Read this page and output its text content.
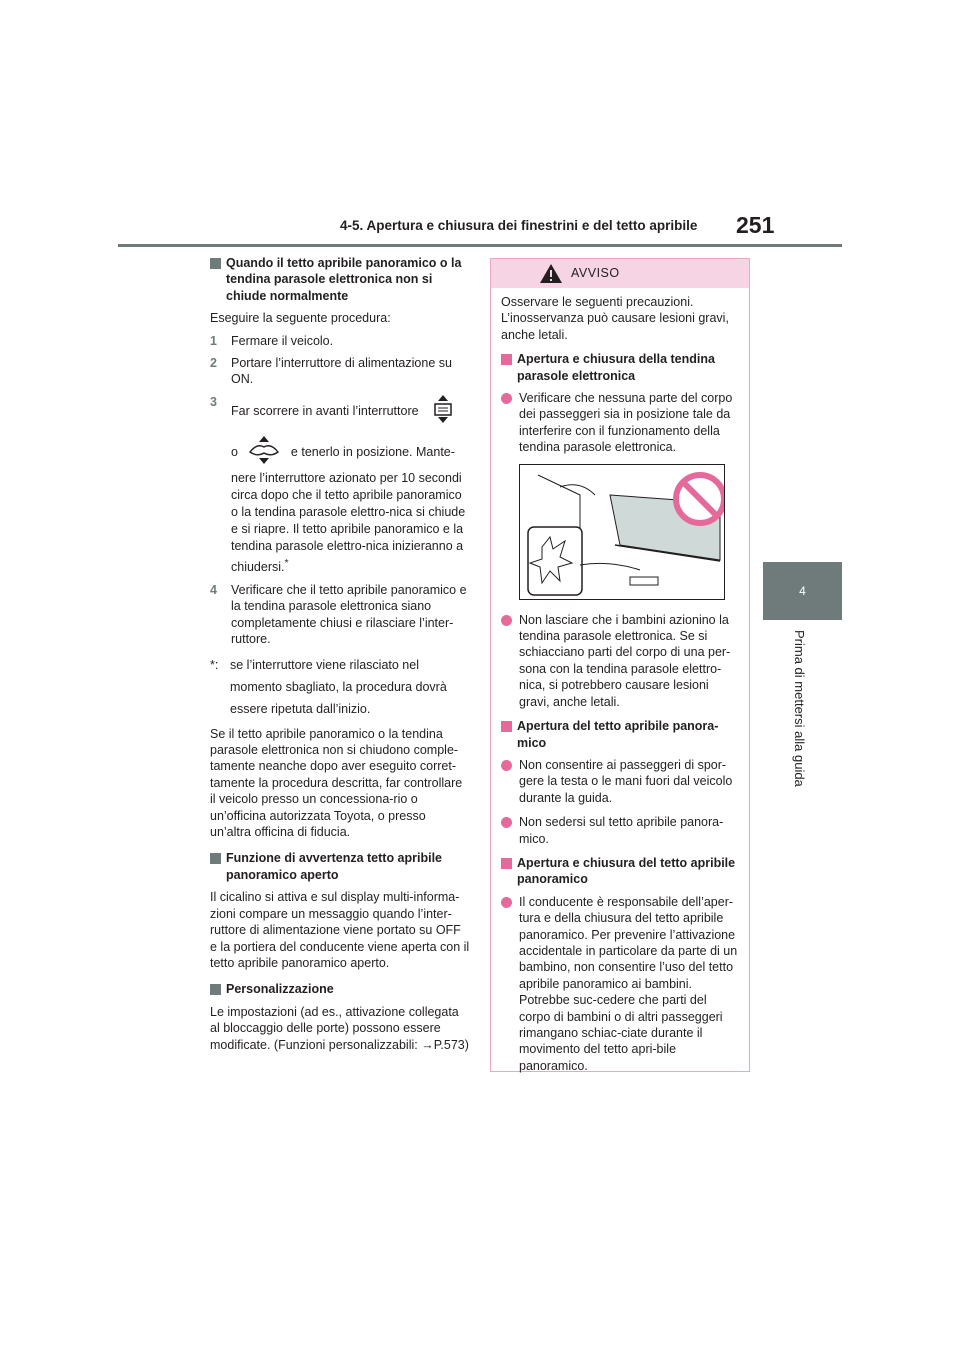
4-5. Apertura e chiusura dei finestrini e del tetto apribile 251
4
Prima di mettersi alla guida
Quando il tetto apribile panoramico o la tendina parasole elettronica non si chiude normalmente

Eseguire la seguente procedura:

1 Fermare il veicolo.
2 Portare l’interruttore di alimentazione su ON.
3
Far scorrere in avanti l’interruttore
o	e tenerlo in posizione. Mante-nere l’interruttore azionato per 10 secondi circa dopo che il tetto apribile panoramico o la tendina parasole elettro-nica si chiude e si riapre. Il tetto apribile panoramico e la tendina parasole elettro-nica inizieranno a chiudersi.*
4 Verificare che il tetto apribile panoramico e la tendina parasole elettronica siano completamente chiusi e rilasciare l’inter-ruttore.
*: se l’interruttore viene rilasciato nel momento sbagliato, la procedura dovrà essere ripetuta dall’inizio.

Se il tetto apribile panoramico o la tendina parasole elettronica non si chiudono comple-tamente neanche dopo aver eseguito corret-tamente la procedura descritta, far controllare il veicolo presso un concessiona-rio o un’officina autorizzata Toyota, o presso un’altra officina di fiducia.

Funzione di avvertenza tetto apribile panoramico aperto

Il cicalino si attiva e sul display multi-informa-zioni compare un messaggio quando l’inter-ruttore di alimentazione viene portato su OFF e la portiera del conducente viene aperta con il tetto apribile panoramico aperto.

Personalizzazione

Le impostazioni (ad es., attivazione collegata al bloccaggio delle porte) possono essere modificate. (Funzioni personalizzabili: →P.573)

AVVISO

Osservare le seguenti precauzioni. L’inosservanza può causare lesioni gravi, anche letali.

Apertura e chiusura della tendina parasole elettronica
Verificare che nessuna parte del corpo dei passeggeri sia in posizione tale da interferire con il funzionamento della tendina parasole elettronica.
Non lasciare che i bambini azionino la tendina parasole elettronica. Se si schiacciano parti del corpo di una per-sona con la tendina parasole elettro-nica, si potrebbero causare lesioni gravi, anche letali.
Apertura del tetto apribile panora-mico
Non consentire ai passeggeri di spor-gere la testa o le mani fuori dal veicolo durante la guida.
Non sedersi sul tetto apribile panora-mico.
Apertura e chiusura del tetto apribile panoramico
Il conducente è responsabile dell’aper-tura e della chiusura del tetto apribile panoramico. Per prevenire l’attivazione accidentale in particolare da parte di un bambino, non consentire l’uso del tetto apribile panoramico ai bambini. Potrebbe suc-cedere che parti del corpo di bambini o di altri passeggeri rimangano schiac-ciate durante il movimento del tetto apri-bile panoramico.
